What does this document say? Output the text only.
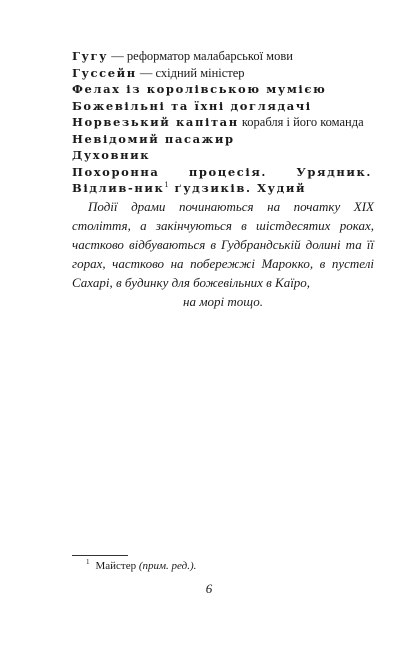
Гугу — реформатор малабарської мови
Гуссейн — східний міністер
Фелах із королівською мумією
Божевільні та їхні доглядачі
Норвезький капітан корабля і його команда
Невідомий пасажир
Духовник
Похоронна процесія. Урядник. Відлив-ник$^1$ ґудзиків. Худий

Події драми починаються на початку XIX століття, а закінчуються в шістдесятих роках, частково відбуваються в Гудбрандській долині та її горах, частково на побережжі Марокко, в пустелі Сахарі, в будинку для божевільних в Каїро,
на морі тощо.

$^1$ Майстер (прим. ред.).
6
